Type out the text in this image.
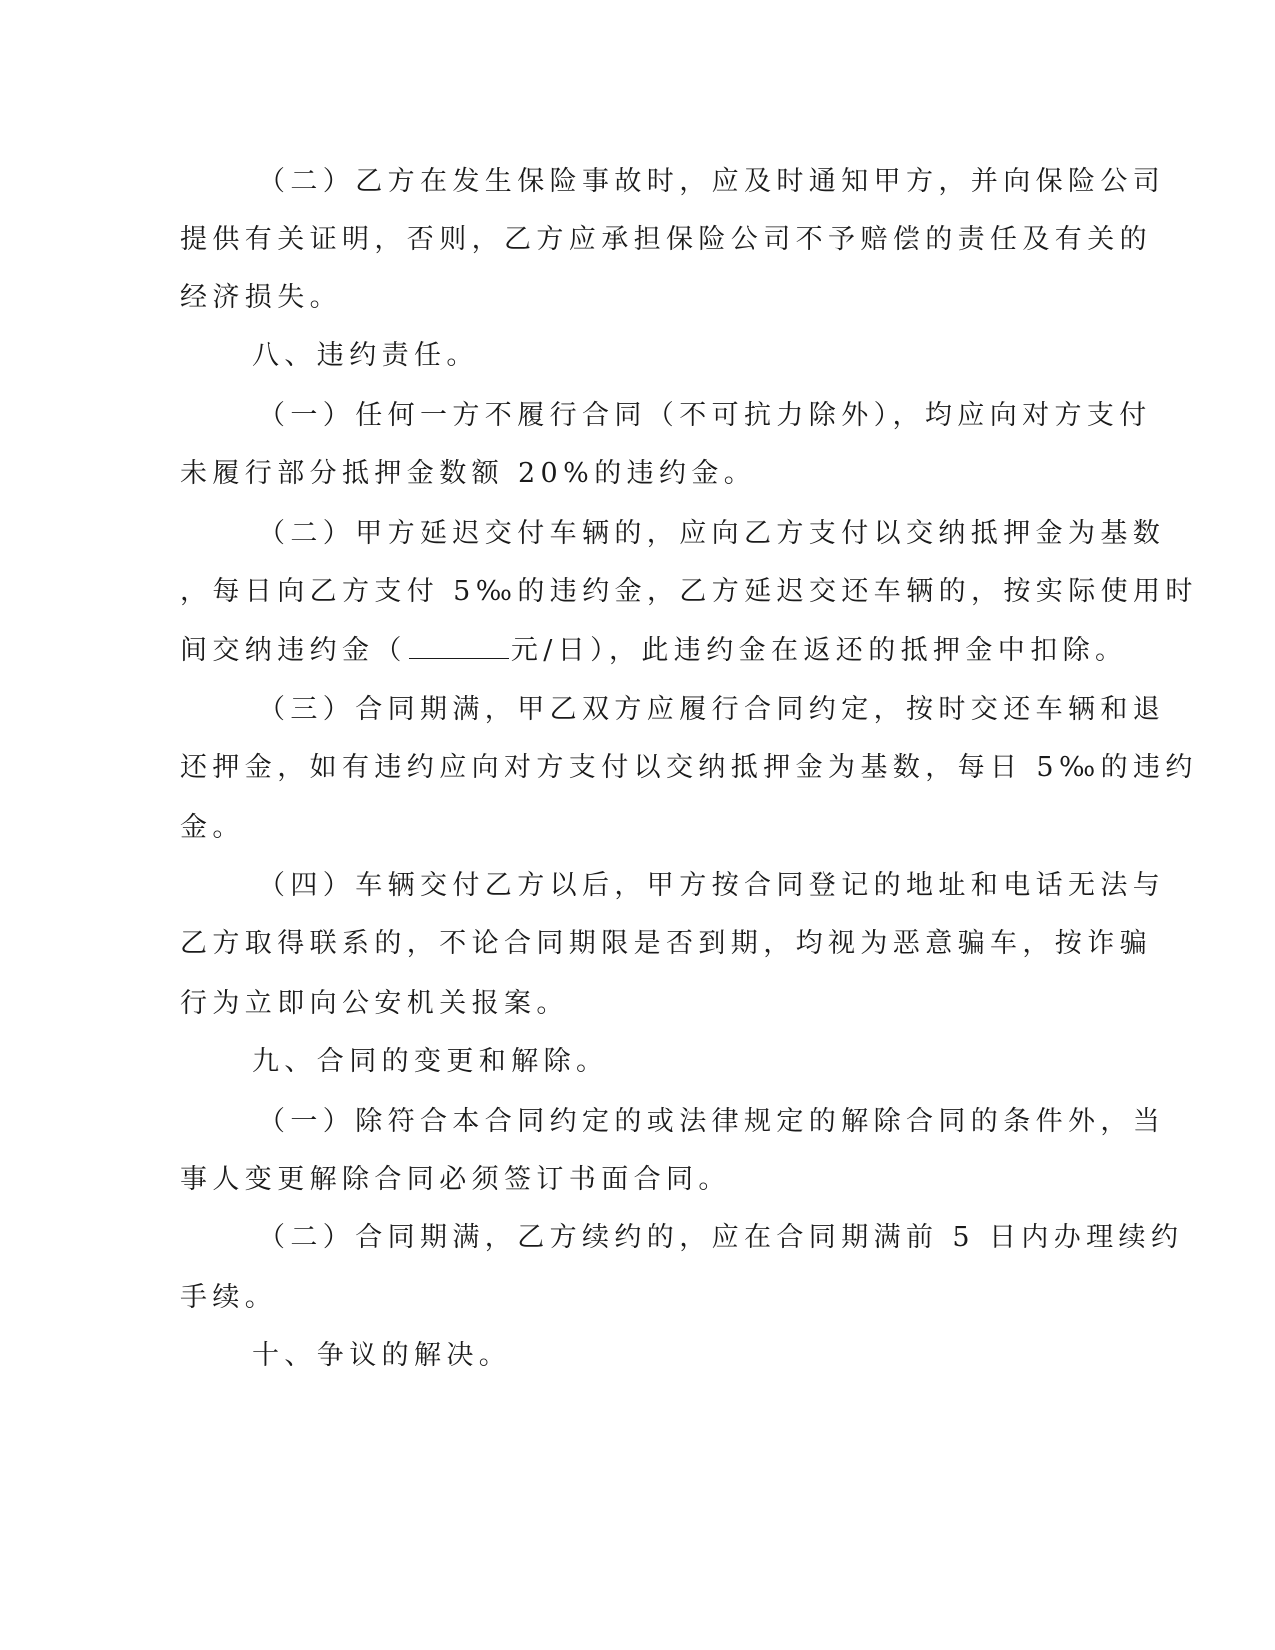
（二）乙方在发生保险事故时，应及时通知甲方，并向保险公司
提供有关证明，否则，乙方应承担保险公司不予赔偿的责任及有关的
经济损失。
八、违约责任。
（一）任何一方不履行合同（不可抗力除外），均应向对方支付
未履行部分抵押金数额 20%的违约金。
（二）甲方延迟交付车辆的，应向乙方支付以交纳抵押金为基数
，每日向乙方支付 5‰的违约金，乙方延迟交还车辆的，按实际使用时
间交纳违约金（	元/日），此违约金在返还的抵押金中扣除。
（三）合同期满，甲乙双方应履行合同约定，按时交还车辆和退
还押金，如有违约应向对方支付以交纳抵押金为基数，每日 5‰的违约
金。
（四）车辆交付乙方以后，甲方按合同登记的地址和电话无法与
乙方取得联系的，不论合同期限是否到期，均视为恶意骗车，按诈骗
行为立即向公安机关报案。
九、合同的变更和解除。
（一）除符合本合同约定的或法律规定的解除合同的条件外，当
事人变更解除合同必须签订书面合同。
（二）合同期满，乙方续约的，应在合同期满前 5 日内办理续约
手续。
十、争议的解决。
